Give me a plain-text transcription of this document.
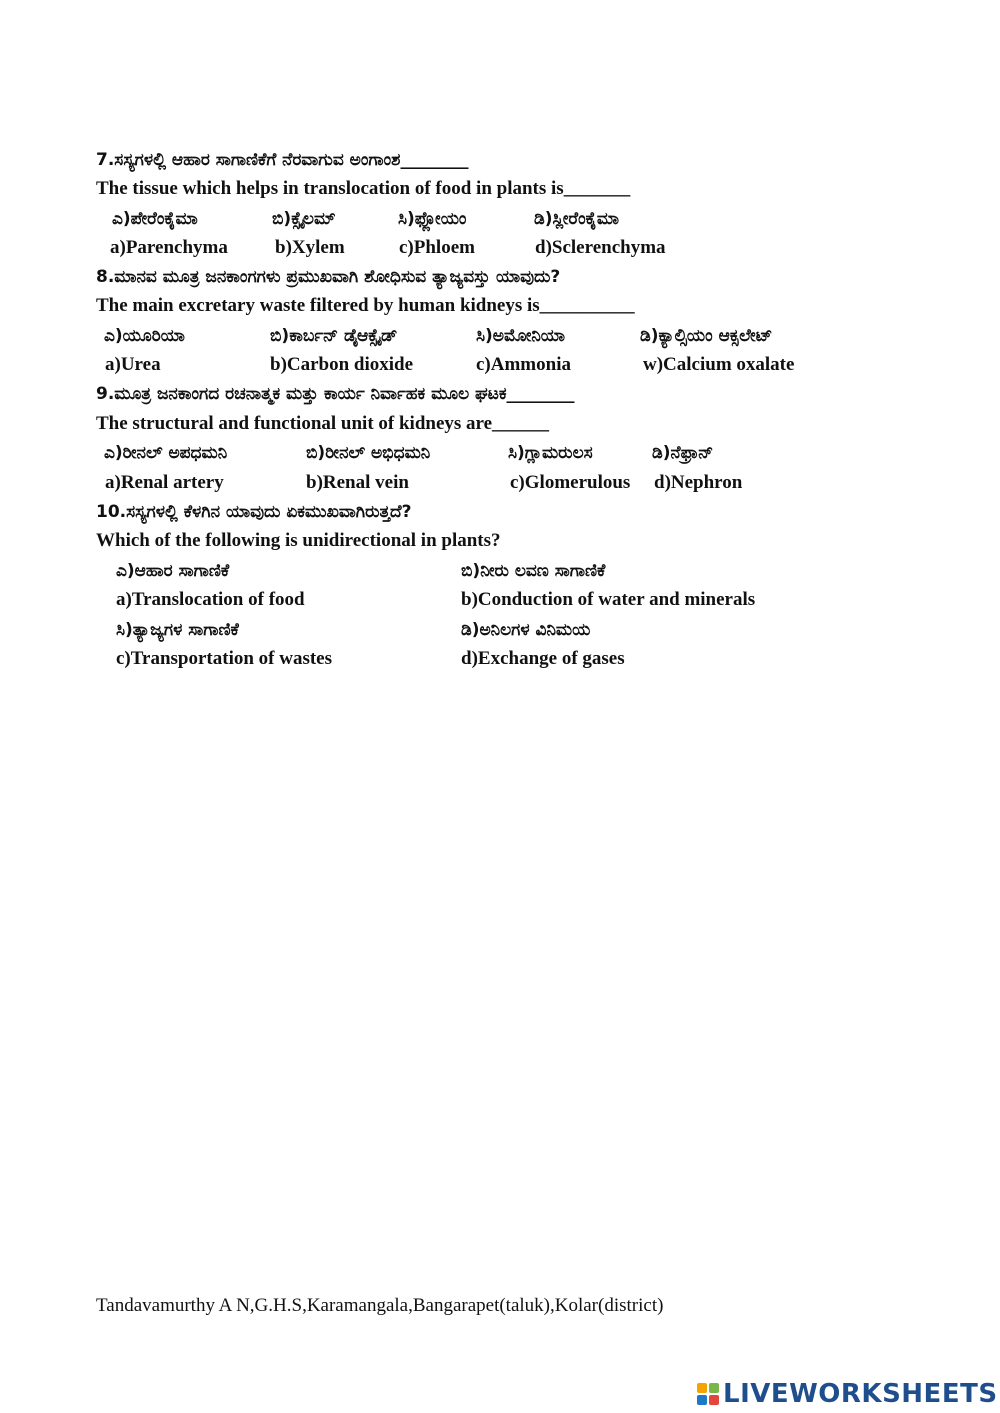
7.ಸಸ್ಯಗಳಲ್ಲಿ ಆಹಾರ ಸಾಗಾಣಿಕೆಗೆ ನೆರವಾಗುವ ಅಂಗಾಂಶ________
The tissue which helps in translocation of food in plants is_______
ಎ)ಪೇರೆಂಕೈಮಾ	ಬಿ)ಕ್ಸೈಲಮ್	ಸಿ)ಫ್ಲೋಯಂ	ಡಿ)ಸ್ಲೀರೆಂಕೈಮಾ
a)Parenchyma b)Xylem	c)Phloem	d)Sclerenchyma
8.ಮಾನವ ಮೂತ್ರ ಜನಕಾಂಗಗಳು ಪ್ರಮುಖವಾಗಿ ಶೋಧಿಸುವ ತ್ಯಾಜ್ಯವಸ್ತು ಯಾವುದು?
The main excretary waste filtered by human kidneys is__________
ಎ)ಯೂರಿಯಾ	ಬಿ)ಕಾರ್ಬನ್ ಡೈಆಕ್ಸೈಡ್	ಸಿ)ಅಮೋನಿಯಾ	ಡಿ)ಕ್ಯಾಲ್ಸಿಯಂ ಆಕ್ಸಲೇಟ್
a)Urea	b)Carbon dioxide	c)Ammonia	w)Calcium oxalate
9.ಮೂತ್ರ ಜನಕಾಂಗದ ರಚನಾತ್ಮಕ ಮತ್ತು ಕಾರ್ಯ ನಿರ್ವಾಹಕ ಮೂಲ ಘಟಕ________
The structural and functional unit of kidneys are______
ಎ)ರೀನಲ್ ಅಪಧಮನಿ	ಬಿ)ರೀನಲ್ ಅಭಿಧಮನಿ	ಸಿ)ಗ್ಲಾಮರುಲಸ	ಡಿ)ನೆಫ್ರಾನ್
a)Renal artery	b)Renal vein	c)Glomerulous d)Nephron
10.ಸಸ್ಯಗಳಲ್ಲಿ ಕೆಳಗಿನ ಯಾವುದು ಏಕಮುಖವಾಗಿರುತ್ತದೆ?
Which of the following is unidirectional in plants?
ಎ)ಆಹಾರ ಸಾಗಾಣಿಕೆ	ಬಿ)ನೀರು ಲವಣ ಸಾಗಾಣಿಕೆ
a)Translocation of food	b)Conduction of water and minerals
ಸಿ)ತ್ಯಾಜ್ಯಗಳ ಸಾಗಾಣಿಕೆ	ಡಿ)ಅನಿಲಗಳ ವಿನಿಮಯ
c)Transportation of wastes	d)Exchange of gases
Tandavamurthy A N,G.H.S,Karamangala,Bangarapet(taluk),Kolar(district)
LIVEWORKSHEETS
